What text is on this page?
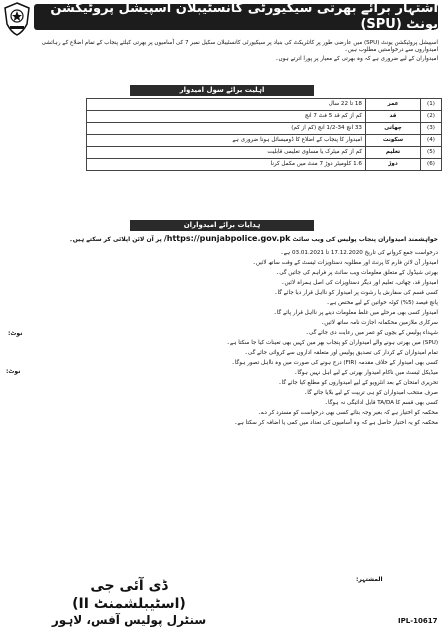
اشتہار برائے بھرتی سیکیورٹی کانسٹیبلان اسپیشل پروٹیکشن یونٹ (SPU)

اسپیشل پروٹیکشن یونٹ (SPU) میں عارضی طور پر کانٹریکٹ کی بنیاد پر سیکیورٹی کانسٹیبلان سکیل نمبر 7 کی آسامیوں پر بھرتی کیلئے پنجاب کے تمام اضلاع کے رہائشی امیدواروں سے درخواستیں مطلوب ہیں۔

امیدواران کے لیے ضروری ہے کہ وہ بھرتی کے معیار پر پورا اترتے ہوں۔

اہلیت برائے سول امیدوار
(1)	عمر	18 تا 22 سال
(2)	قد	کم از کم قد 5 فٹ 7 انچ
(3)	چھاتی	33 انچ 34-1/2 انچ (کم از کم)
(4)	سکونت	امیدوار کا پنجاب کے اضلاع کا ڈومیسائل ہونا ضروری ہے
(5)	تعلیم	کم از کم میٹرک یا مساوی تعلیمی قابلیت
(6)	دوڑ	1.6 کلومیٹر دوڑ 7 منٹ میں مکمل کرنا
ہدایات برائے امیدواران
خواہشمند امیدواران پنجاب پولیس کی ویب سائٹ https://punjabpolice.gov.pk/ پر آن لائن اپلائی کر سکتے ہیں۔

درخواست جمع کروانے کی تاریخ 17.12.2020 تا 03.01.2021 ہے۔

امیدوار آن لائن فارم کا پرنٹ اور مطلوبہ دستاویزات ٹیسٹ کے وقت ساتھ لائیں۔

بھرتی شیڈول کے متعلق معلومات ویب سائٹ پر فراہم کی جائیں گی۔

امیدوار قد، چھاتی، تعلیم اور دیگر دستاویزات کی اصل ہمراہ لائیں۔

کسی قسم کی سفارش یا رشوت پر امیدوار کو نااہل قرار دیا جائے گا۔

پانچ فیصد (5%) کوٹہ خواتین کے لیے مختص ہے۔

امیدوار کسی بھی مرحلے میں غلط معلومات دینے پر نااہل قرار پائے گا۔

سرکاری ملازمین محکمانہ اجازت نامہ ساتھ لائیں۔

شہداء پولیس کے بچوں کو عمر میں رعایت دی جائے گی۔

(SPU) میں بھرتی ہونے والے امیدواران کو پنجاب بھر میں کہیں بھی تعینات کیا جا سکتا ہے۔

تمام امیدواران کے کردار کی تصدیق پولیس اور متعلقہ اداروں سے کروائی جائے گی۔

کسی بھی امیدوار کے خلاف مقدمہ (FIR) درج ہونے کی صورت میں وہ نااہل تصور ہوگا۔

میڈیکل ٹیسٹ میں ناکام امیدوار بھرتی کے لیے اہل نہیں ہوگا۔

تحریری امتحان کے بعد انٹرویو کے لیے امیدواروں کو مطلع کیا جائے گا۔

صرف منتخب امیدواران کو ہی تربیت کے لیے بلایا جائے گا۔

کسی بھی قسم کا TA/DA قابل ادائیگی نہ ہوگا۔

محکمہ کو اختیار ہے کہ بغیر وجہ بتائے کسی بھی درخواست کو مسترد کر دے۔

محکمہ کو یہ اختیار حاصل ہے کہ وہ آسامیوں کی تعداد میں کمی یا اضافہ کر سکتا ہے۔

نوٹ:
نوٹ:
المشتہر:
ڈی آئی جی (اسٹیبلشمنٹ II)
سنٹرل پولیس آفس، لاہور	IPL-10617
